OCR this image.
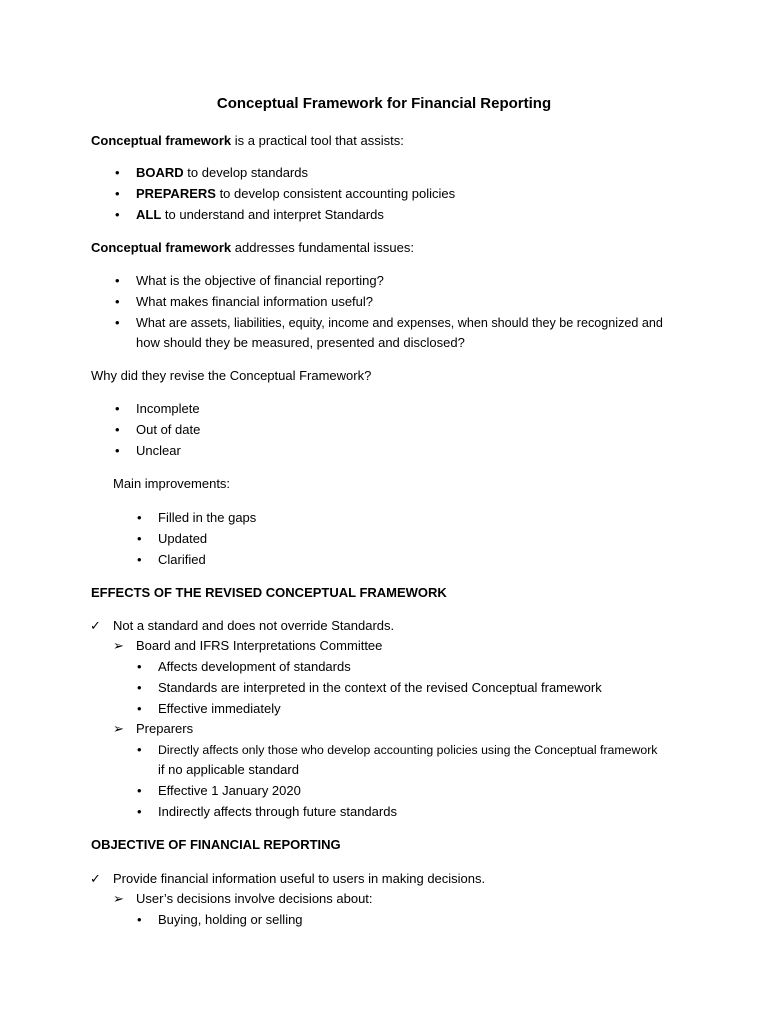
Conceptual Framework for Financial Reporting
Conceptual framework is a practical tool that assists:
• BOARD to develop standards
• PREPARERS to develop consistent accounting policies
• ALL to understand and interpret Standards
Conceptual framework addresses fundamental issues:
• What is the objective of financial reporting?
• What makes financial information useful?
• What are assets, liabilities, equity, income and expenses, when should they be recognized and
how should they be measured, presented and disclosed?
Why did they revise the Conceptual Framework?
• Incomplete
• Out of date
• Unclear
Main improvements:
• Filled in the gaps
• Updated
• Clarified
EFFECTS OF THE REVISED CONCEPTUAL FRAMEWORK
✓ Not a standard and does not override Standards.
➢ Board and IFRS Interpretations Committee
• Affects development of standards
• Standards are interpreted in the context of the revised Conceptual framework
• Effective immediately
➢ Preparers
• Directly affects only those who develop accounting policies using the Conceptual framework
if no applicable standard
• Effective 1 January 2020
• Indirectly affects through future standards
OBJECTIVE OF FINANCIAL REPORTING
✓ Provide financial information useful to users in making decisions.
➢ User’s decisions involve decisions about:
• Buying, holding or selling
